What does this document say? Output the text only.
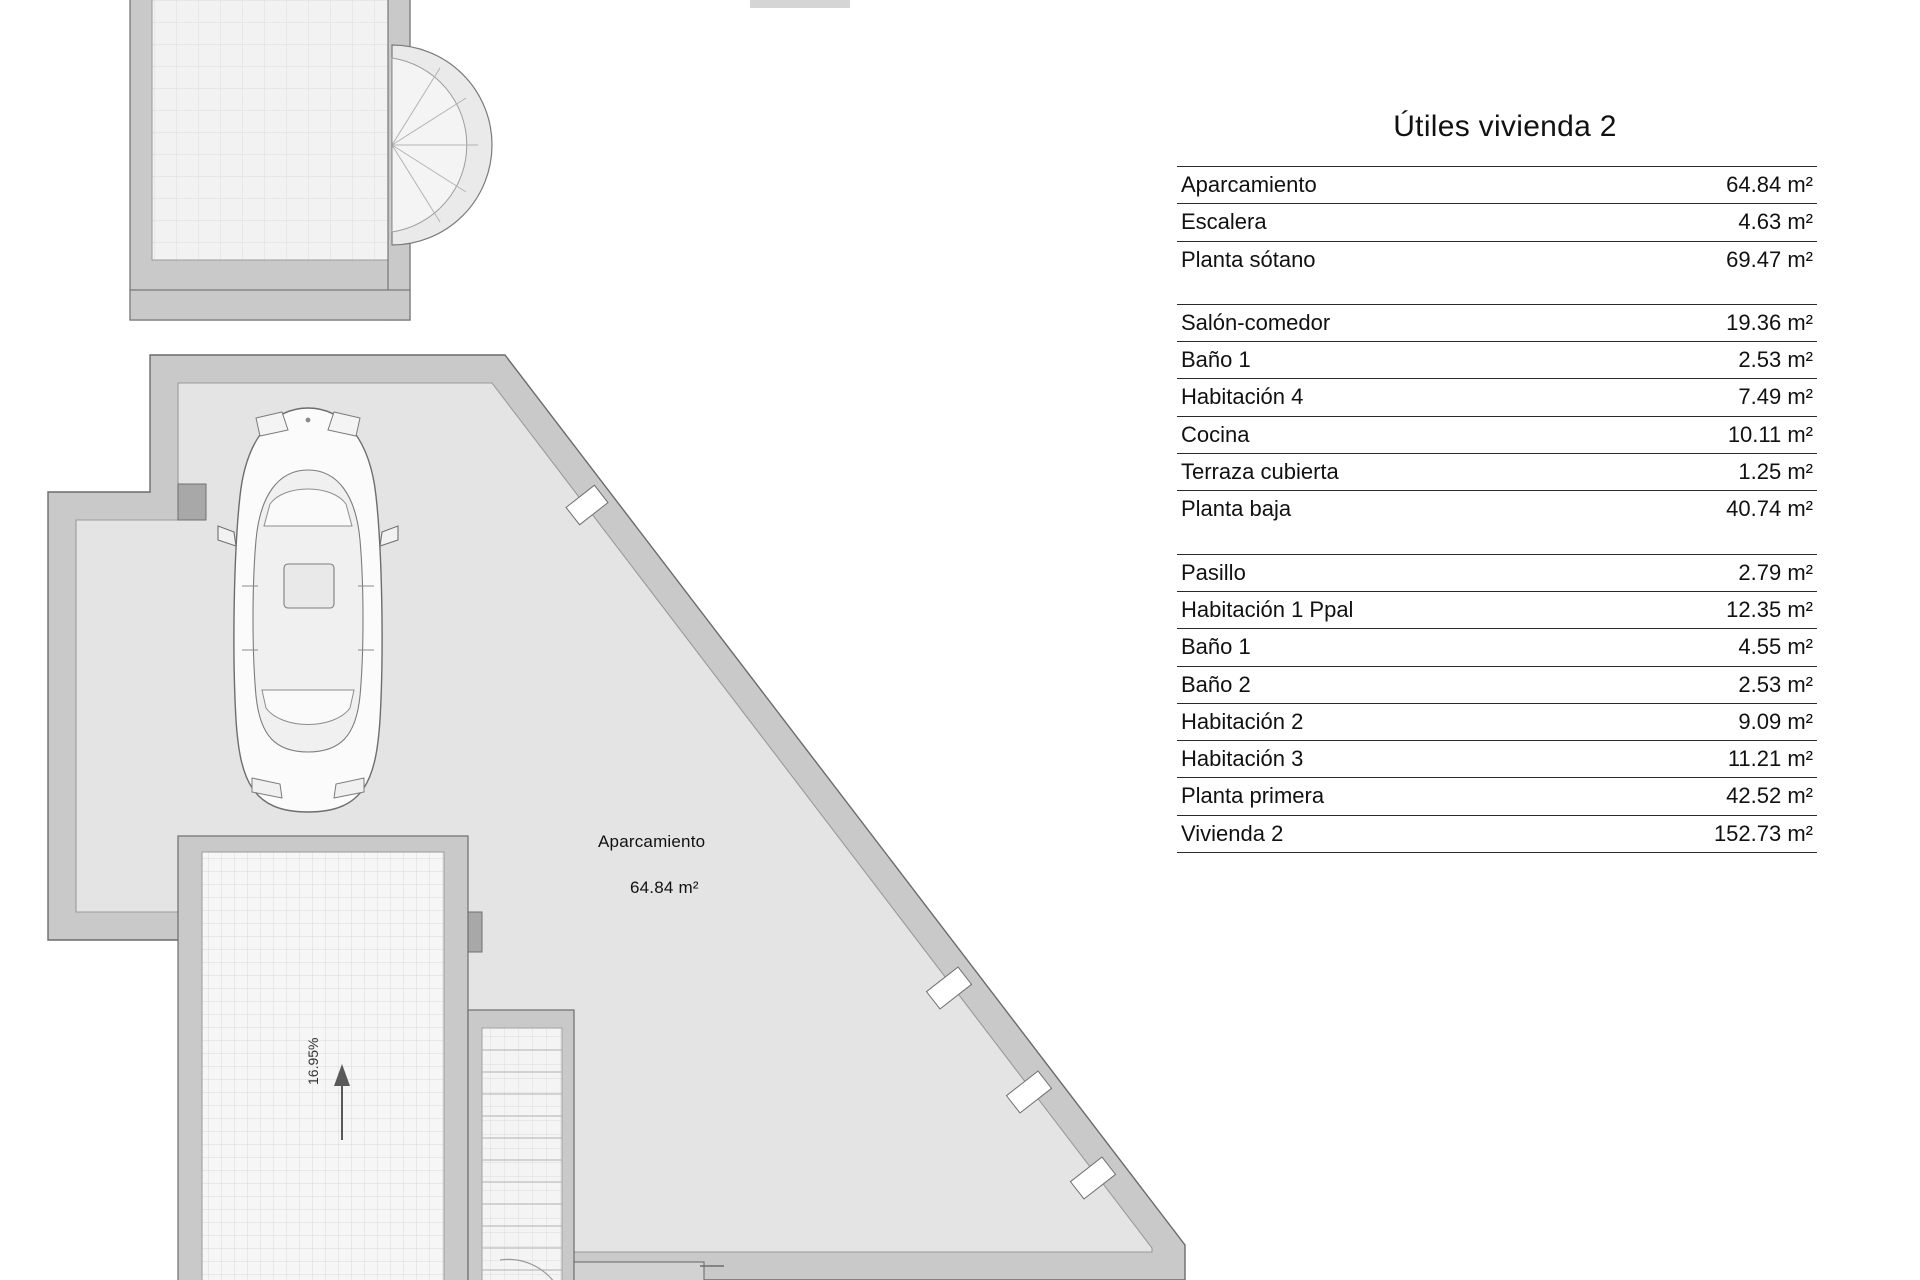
Aparcamiento
64.84 m²
16.95%
Útiles vivienda 2
Aparcamiento	64.84 m²
Escalera	4.63 m²
Planta sótano	69.47 m²

Salón-comedor	19.36 m²
Baño 1	2.53 m²
Habitación 4	7.49 m²
Cocina	10.11 m²
Terraza cubierta	1.25 m²
Planta baja	40.74 m²

Pasillo	2.79 m²
Habitación 1 Ppal	12.35 m²
Baño 1	4.55 m²
Baño 2	2.53 m²
Habitación 2	9.09 m²
Habitación 3	11.21 m²
Planta primera	42.52 m²
Vivienda 2	152.73 m²
